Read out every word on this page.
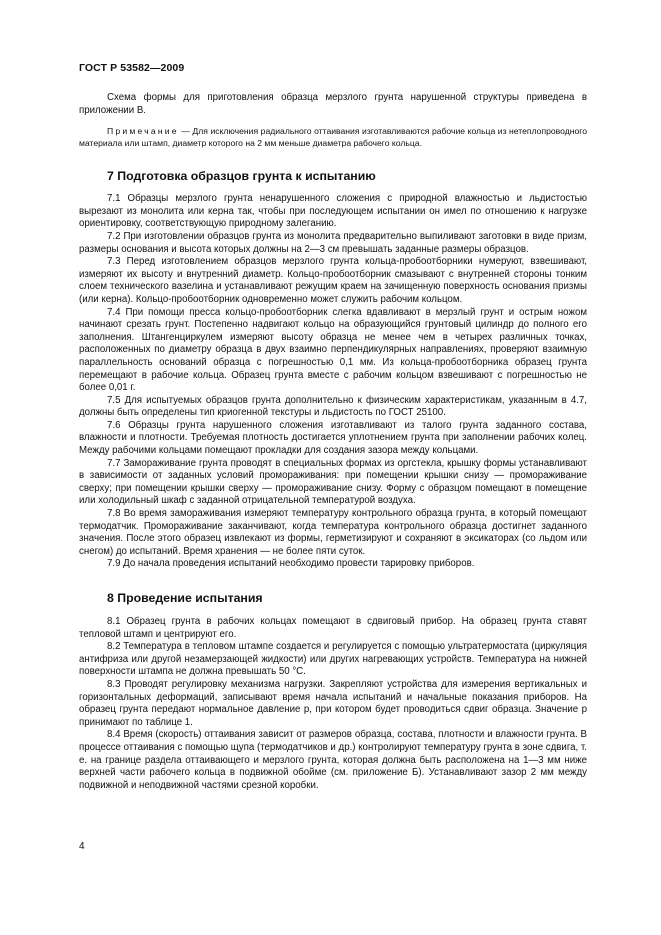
ГОСТ Р 53582—2009

Схема формы для приготовления образца мерзлого грунта нарушенной структуры приведена в приложении В.

Примечание — Для исключения радиального оттаивания изготавливаются рабочие кольца из нетеплопроводного материала или штамп, диаметр которого на 2 мм меньше диаметра рабочего кольца.

7 Подготовка образцов грунта к испытанию

7.1 Образцы мерзлого грунта ненарушенного сложения с природной влажностью и льдистостью вырезают из монолита или керна так, чтобы при последующем испытании он имел по отношению к нагрузке ориентировку, соответствующую природному залеганию.

7.2 При изготовлении образцов грунта из монолита предварительно выпиливают заготовки в виде призм, размеры основания и высота которых должны на 2—3 см превышать заданные размеры образцов.

7.3 Перед изготовлением образцов мерзлого грунта кольца-пробоотборники нумеруют, взвешивают, измеряют их высоту и внутренний диаметр. Кольцо-пробоотборник смазывают с внутренней стороны тонким слоем технического вазелина и устанавливают режущим краем на зачищенную поверхность основания призмы (или керна). Кольцо-пробоотборник одновременно может служить рабочим кольцом.

7.4 При помощи пресса кольцо-пробоотборник слегка вдавливают в мерзлый грунт и острым ножом начинают срезать грунт. Постепенно надвигают кольцо на образующийся грунтовый цилиндр до полного его заполнения. Штангенциркулем измеряют высоту образца не менее чем в четырех различных точках, расположенных по диаметру образца в двух взаимно перпендикулярных направлениях, проверяют взаимную параллельность оснований образца с погрешностью 0,1 мм. Из кольца-пробоотборника образец грунта перемещают в рабочие кольца. Образец грунта вместе с рабочим кольцом взвешивают с погрешностью не более 0,01 г.

7.5 Для испытуемых образцов грунта дополнительно к физическим характеристикам, указанным в 4.7, должны быть определены тип криогенной текстуры и льдистость по ГОСТ 25100.

7.6 Образцы грунта нарушенного сложения изготавливают из талого грунта заданного состава, влажности и плотности. Требуемая плотность достигается уплотнением грунта при заполнении рабочих колец. Между рабочими кольцами помещают прокладки для создания зазора между кольцами.

7.7 Замораживание грунта проводят в специальных формах из оргстекла, крышку формы устанавливают в зависимости от заданных условий промораживания: при помещении крышки снизу — промораживание сверху; при помещении крышки сверху — промораживание снизу. Форму с образцом помещают в помещение или холодильный шкаф с заданной отрицательной температурой воздуха.

7.8 Во время замораживания измеряют температуру контрольного образца грунта, в который помещают термодатчик. Промораживание заканчивают, когда температура контрольного образца достигнет заданного значения. После этого образец извлекают из формы, герметизируют и сохраняют в эксикаторах (со льдом или снегом) до испытаний. Время хранения — не более пяти суток.

7.9 До начала проведения испытаний необходимо провести тарировку приборов.

8 Проведение испытания

8.1 Образец грунта в рабочих кольцах помещают в сдвиговый прибор. На образец грунта ставят тепловой штамп и центрируют его.

8.2 Температура в тепловом штампе создается и регулируется с помощью ультратермостата (циркуляция антифриза или другой незамерзающей жидкости) или других нагревающих устройств. Температура на нижней поверхности штампа не должна превышать 50 °C.

8.3 Проводят регулировку механизма нагрузки. Закрепляют устройства для измерения вертикальных и горизонтальных деформаций, записывают время начала испытаний и начальные показания приборов. На образец грунта передают нормальное давление р, при котором будет проводиться сдвиг образца. Значение р принимают по таблице 1.

8.4 Время (скорость) оттаивания зависит от размеров образца, состава, плотности и влажности грунта. В процессе оттаивания с помощью щупа (термодатчиков и др.) контролируют температуру грунта в зоне сдвига, т. е. на границе раздела оттаивающего и мерзлого грунта, которая должна быть расположена на 1—3 мм ниже верхней части рабочего кольца в подвижной обойме (см. приложение Б). Устанавливают зазор 2 мм между подвижной и неподвижной частями срезной коробки.

4
